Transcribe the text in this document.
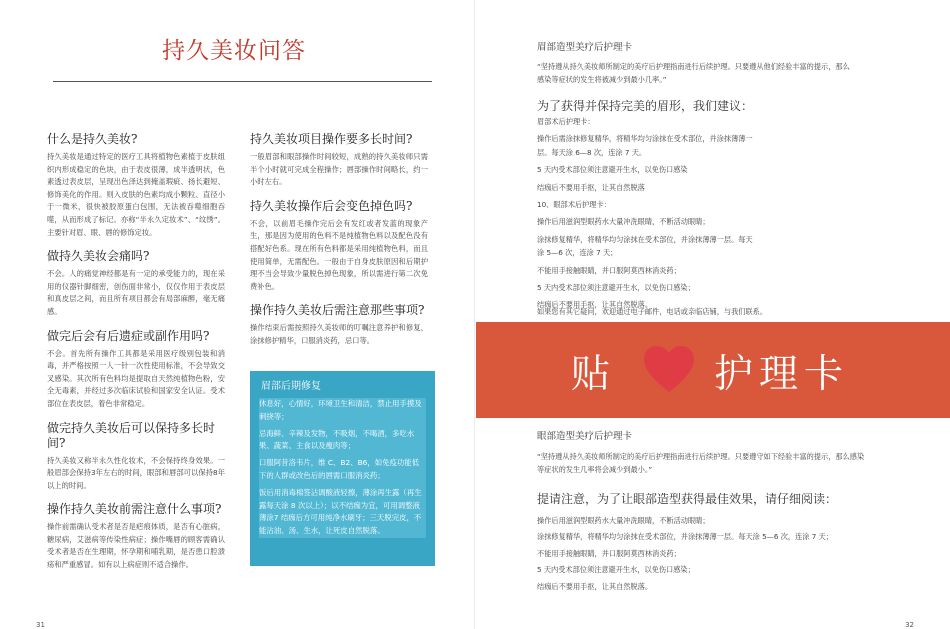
持久美妆问答
什么是持久美妆?

持久美妆是通过特定的医疗工具将植物色素植于皮肤组织内形成稳定的色块，由于表皮很薄，成半透明状，色素透过表皮层，呈现出色泽达到掩盖瑕疵、扬长避短、修饰美化的作用。则入皮肤的色素均成小颗粒、直径小于一微米，很快被胶原蛋白包围，无法被吞噬细胞吞噬，从而形成了标记。亦称“半永久定妆术”、“纹绣”。主要针对眉、眼、唇的修饰定妆。

做持久美妆会痛吗?

不会。人的痛觉神经都是有一定的承受能力的，现在采用的仪器针脚细密，创伤面非常小，仅仅作用于表皮层和真皮层之间，而且所有项目都会有局部麻醉，毫无痛感。

做完后会有后遗症或副作用吗?

不会。首先所有操作工具都是采用医疗级别包装和消毒，并严格按照一人一针一次性使用标准，不会导致交叉感染。其次所有色料均是提取自天然纯植物色粉，安全无毒素，并经过多次临床试验和国家安全认证。受术部位在表皮层，着色非常稳定。

做完持久美妆后可以保持多长时间?

持久美妆又称半永久性化妆术，不会保持终身效果。一般眉部会保持3年左右的时间，眼部和唇部可以保持8年以上的时间。

操作持久美妆前需注意什么事项?

操作前需确认受术者是否是疤痕体质，是否有心脏病，糖尿病，艾滋病等传染性病症；操作嘴唇的顾客需确认受术者是否在生理期，怀孕期和哺乳期，是否患口腔溃疡和严重感冒。如有以上病症则不适合操作。

持久美妆项目操作要多长时间?

一般眉部和眼部操作时间较短，成熟的持久美妆师只需半个小时就可完成全程操作；唇部操作时间略长，约一小时左右。

持久美妆操作后会变色掉色吗?

不会，以前眉毛操作完后会有发红或者发蓝的现象产生，那是因为使用的色料不是纯植物色料以及配色没有搭配好色系。现在所有色料都是采用纯植物色料，而且使用简单，无需配色。一般由于自身皮肤原因和后期护理不当会导致少量脱色掉色现象，所以需进行第二次免费补色。

操作持久美妆后需注意那些事项?

操作结束后需按照持久美妆师的叮嘱注意养护和修复，涂抹修护精华，口服消炎药，忌口等。

眉部后期修复

休息好，心情好，环境卫生和清洁，禁止用手摸及刺挠等；

忌海鲜、辛辣及发物，不吸烟，不喝酒，多吃水果、蔬菜、主食以及瘦肉等；

口服阿昔洛韦片，维 C、B2、B6，如免疫功能低下的人群或改色后的唇需口服消炎药；

饭后用消毒棉签沾调酸液轻擦，薄涂再生露（再生露每天涂 8 次以上）；以不结痂为宜，可用调整液薄涂7 结痂后方可用纯净水刷牙；三天脱完皮，不能沾油、汤、生水，让死皮自然脱落。

31
眉部造型美疗后护理卡
“坚持遵从持久美妆师所制定的美疗后护理指南进行后续护理。只要遵从他们经验丰富的提示，那么感染等症状的发生将被减少到最小几率。”
为了获得并保持完美的眉形，我们建议：
眉部术后护理卡：
操作后需涂抹修复精华，将精华均匀涂抹在受术部位，并涂抹薄薄一层。每天涂 6—8 次，连涂 7 天。
5 天内受术部位须注意避开生水，以免伤口感染
结痂后不要用手抠，让其自然脱落
10、眼部术后护理卡：
操作后用滋润型眼药水大量冲洗眼睛，不断活动眼睛；
涂抹修复精华，将精华均匀涂抹在受术部位，并涂抹薄薄一层。每天涂 5—6 次，连涂 7 天；
不能用手接触眼睛，并口服阿莫西林消炎药；
5 天内受术部位须注意避开生水，以免伤口感染；
结痂后不要用手抠，让其自然脱落。
如果您有其它疑问，欢迎通过电子邮件，电话或亲临店铺，与我们联系。
贴	护理卡
眼部造型美疗后护理卡
“坚持遵从持久美妆师所制定的美疗后护理指南进行后续护理。只要遵守如下经验丰富的提示，那么感染等症状的发生几率将会减少到最小。”
提请注意，为了让眼部造型获得最佳效果，请仔细阅读：
操作后用滋润型眼药水大量冲洗眼睛，不断活动眼睛；
涂抹修复精华，将精华均匀涂抹在受术部位，并涂抹薄薄一层。每天涂 5—6 次，连涂 7 天；
不能用手接触眼睛，并口服阿莫西林消炎药；
5 天内受术部位须注意避开生水，以免伤口感染；
结痂后不要用手抠，让其自然脱落。
32
